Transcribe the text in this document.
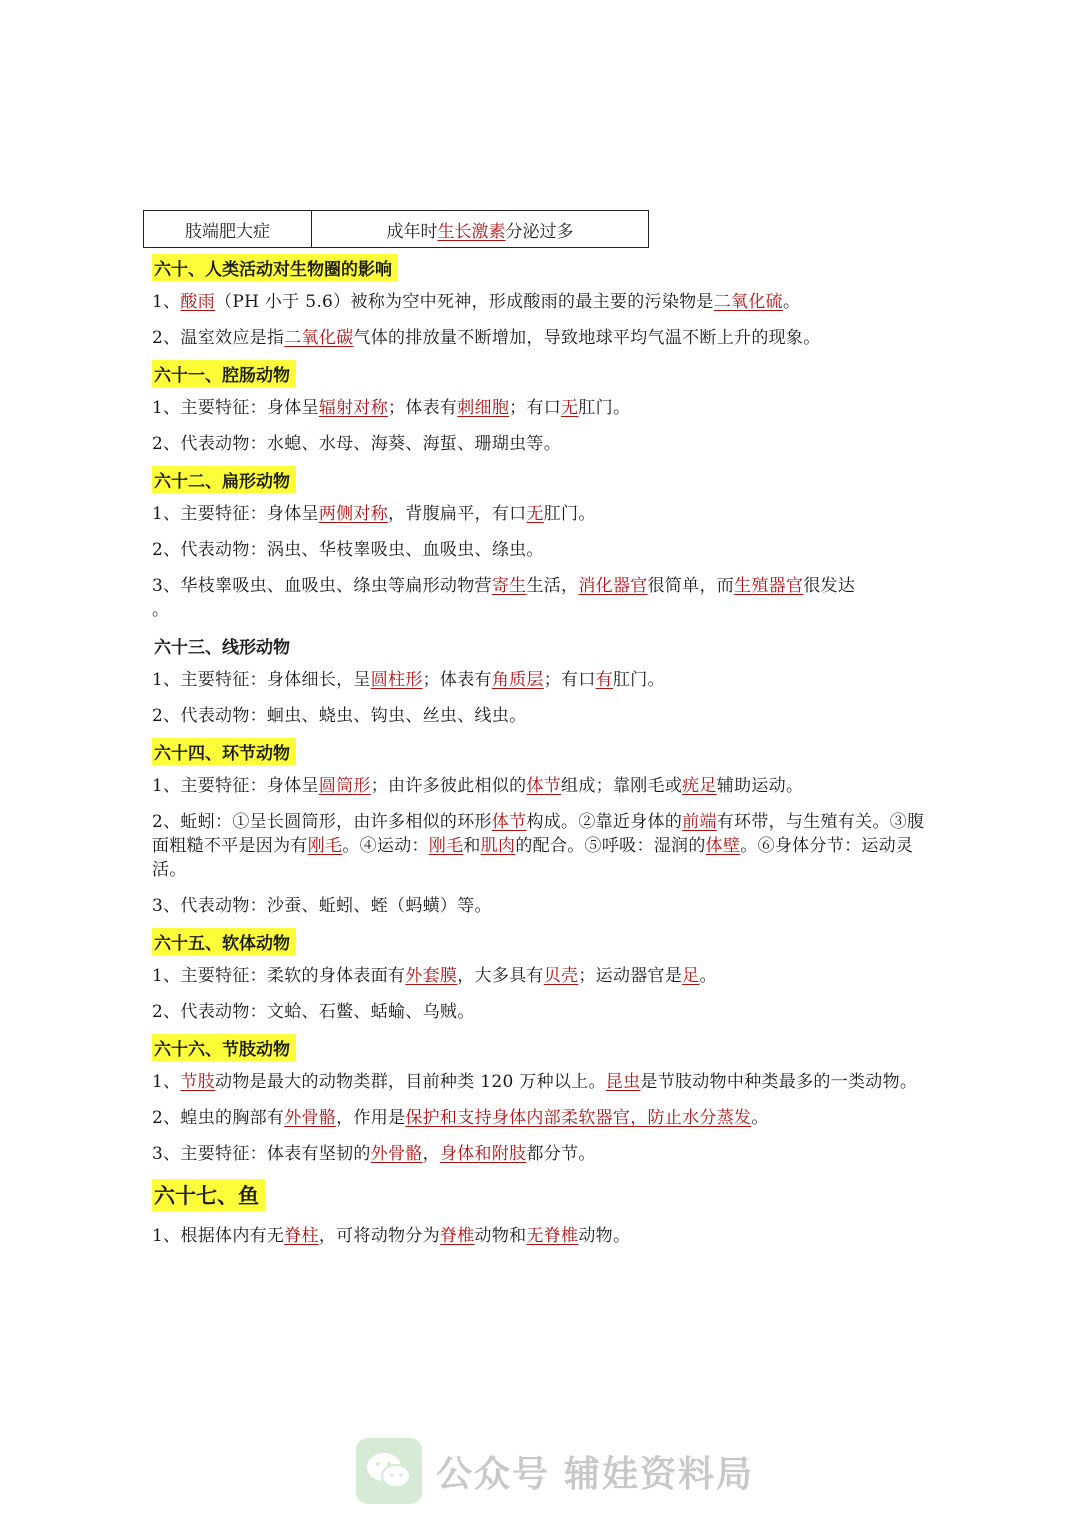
肢端肥大症	成年时 生长激素 分泌过多
六十、人类活动对生物圈的影响

1、酸雨（PH 小于 5.6）被称为空中死神，形成酸雨的最主要的污染物是二氧化硫。

2、温室效应是指二氧化碳气体的排放量不断增加，导致地球平均气温不断上升的现象。

六十一、腔肠动物

1、主要特征：身体呈辐射对称；体表有刺细胞；有口无肛门。

2、代表动物：水螅、水母、海葵、海蜇、珊瑚虫等。

六十二、扁形动物

1、主要特征：身体呈两侧对称，背腹扁平，有口无肛门。

2、代表动物：涡虫、华枝睾吸虫、血吸虫、绦虫。

3、华枝睾吸虫、血吸虫、绦虫等扁形动物营寄生生活，消化器官很简单，而生殖器官很发达
。

六十三、线形动物

1、主要特征：身体细长，呈圆柱形；体表有角质层；有口有肛门。

2、代表动物：蛔虫、蛲虫、钩虫、丝虫、线虫。

六十四、环节动物

1、主要特征：身体呈圆筒形；由许多彼此相似的体节组成；靠刚毛或疣足辅助运动。

2、蚯蚓：①呈长圆筒形，由许多相似的环形体节构成。②靠近身体的前端有环带，与生殖有关。③腹面粗糙不平是因为有刚毛。④运动：刚毛和肌肉的配合。⑤呼吸：湿润的体壁。⑥身体分节：运动灵活。

3、代表动物：沙蚕、蚯蚓、蛭（蚂蟥）等。

六十五、软体动物

1、主要特征：柔软的身体表面有外套膜，大多具有贝壳；运动器官是足。

2、代表动物：文蛤、石鳖、蛞蝓、乌贼。

六十六、节肢动物

1、节肢动物是最大的动物类群，目前种类 120 万种以上。昆虫是节肢动物中种类最多的一类动物。

2、蝗虫的胸部有外骨骼，作用是保护和支持身体内部柔软器官，防止水分蒸发。

3、主要特征：体表有坚韧的外骨骼，身体和附肢都分节。

六十七、鱼

1、根据体内有无脊柱，可将动物分为脊椎动物和无脊椎动物。

公众号 辅娃资料局
